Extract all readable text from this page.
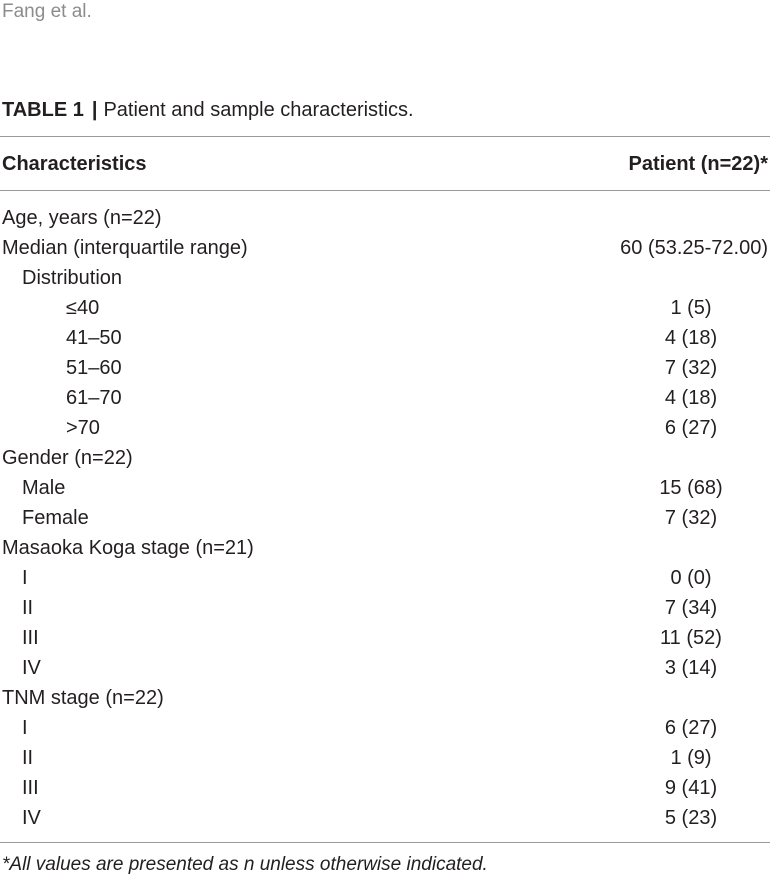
Fang et al.
TABLE 1 | Patient and sample characteristics.
Characteristics	Patient (n=22)*
Age, years (n=22)
Median (interquartile range)	60 (53.25-72.00)
Distribution
≤40	1 (5)
41–50	4 (18)
51–60	7 (32)
61–70	4 (18)
>70	6 (27)
Gender (n=22)
Male	15 (68)
Female	7 (32)
Masaoka Koga stage (n=21)
I	0 (0)
II	7 (34)
III	11 (52)
IV	3 (14)
TNM stage (n=22)
I	6 (27)
II	1 (9)
III	9 (41)
IV	5 (23)
*All values are presented as n unless otherwise indicated.
